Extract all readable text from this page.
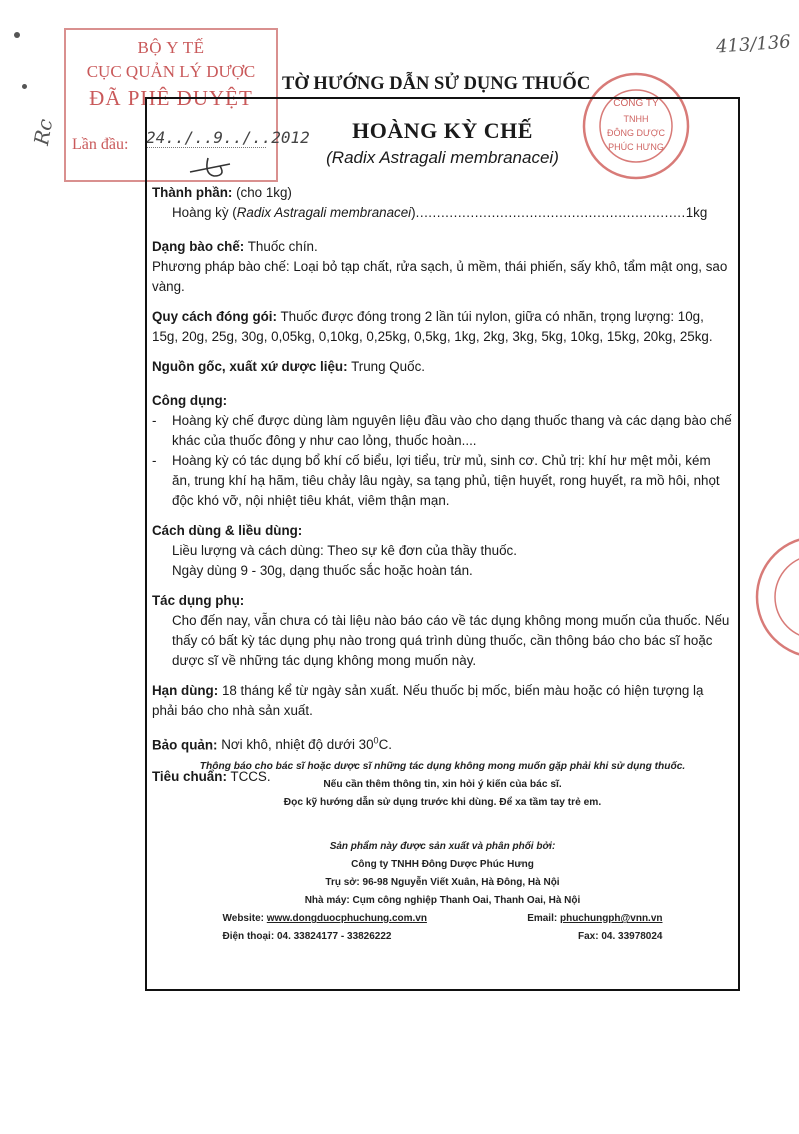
413/136
Rc
BỘ Y TẾ
CỤC QUẢN LÝ DƯỢC
ĐÃ PHÊ DUYỆT
Lần đầu: 24../..9../..2012
TỜ HƯỚNG DẪN SỬ DỤNG THUỐC
CÔNG TY
TNHH
ĐÔNG DƯỢC
PHÚC HƯNG
HOÀNG KỲ CHẾ
(Radix Astragali membranacei)
Thành phần: (cho 1kg)
Hoàng kỳ (Radix Astragali membranacei)................................................................1kg
Dạng bào chế: Thuốc chín.
Phương pháp bào chế: Loại bỏ tạp chất, rửa sạch, ủ mềm, thái phiến, sấy khô, tẩm mật ong, sao vàng.
Quy cách đóng gói: Thuốc được đóng trong 2 lần túi nylon, giữa có nhãn, trọng lượng: 10g, 15g, 20g, 25g, 30g, 0,05kg, 0,10kg, 0,25kg, 0,5kg, 1kg, 2kg, 3kg, 5kg, 10kg, 15kg, 20kg, 25kg.
Nguồn gốc, xuất xứ dược liệu: Trung Quốc.
Công dụng:
-	Hoàng kỳ chế được dùng làm nguyên liệu đầu vào cho dạng thuốc thang và các dạng bào chế khác của thuốc đông y như cao lỏng, thuốc hoàn....
-	Hoàng kỳ có tác dụng bổ khí cố biểu, lợi tiểu, trừ mủ, sinh cơ. Chủ trị: khí hư mệt mỏi, kém ăn, trung khí hạ hãm, tiêu chảy lâu ngày, sa tạng phủ, tiện huyết, rong huyết, ra mồ hôi, nhọt độc khó vỡ, nội nhiệt tiêu khát, viêm thận mạn.
Cách dùng & liều dùng:
Liều lượng và cách dùng: Theo sự kê đơn của thầy thuốc.
Ngày dùng 9 - 30g, dạng thuốc sắc hoặc hoàn tán.
Tác dụng phụ:
Cho đến nay, vẫn chưa có tài liệu nào báo cáo về tác dụng không mong muốn của thuốc. Nếu thấy có bất kỳ tác dụng phụ nào trong quá trình dùng thuốc, cần thông báo cho bác sĩ hoặc dược sĩ về những tác dụng không mong muốn này.
Hạn dùng: 18 tháng kể từ ngày sản xuất. Nếu thuốc bị mốc, biến màu hoặc có hiện tượng lạ phải báo cho nhà sản xuất.
Bảo quản: Nơi khô, nhiệt độ dưới $30^0C$.
Tiêu chuẩn: TCCS.
Thông báo cho bác sĩ hoặc dược sĩ những tác dụng không mong muốn gặp phải khi sử dụng thuốc.
Nếu cần thêm thông tin, xin hỏi ý kiến của bác sĩ.
Đọc kỹ hướng dẫn sử dụng trước khi dùng. Để xa tầm tay trẻ em.
Sản phẩm này được sản xuất và phân phối bởi:
Công ty TNHH Đông Dược Phúc Hưng
Trụ sở: 96-98 Nguyễn Viết Xuân, Hà Đông, Hà Nội
Nhà máy: Cụm công nghiệp Thanh Oai, Thanh Oai, Hà Nội
Website: www.dongduocphuchung.com.vn	Email: phuchungph@vnn.vn
Điện thoại: 04. 33824177 - 33826222	Fax: 04. 33978024
